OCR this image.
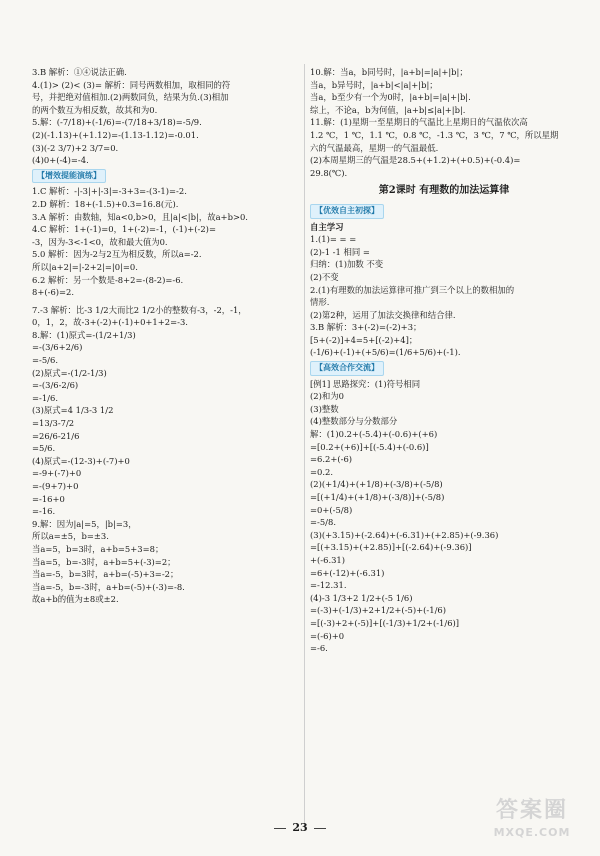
3.B 解析：①④说法正确.
4.(1)> (2)< (3)= 解析：同号两数相加，取相同的符
号，并把绝对值相加.(2)两数同负，结果为负.(3)相加
的两个数互为相反数，故其和为0.
5.解：(-7/18)+(-1/6)=-(7/18+3/18)=-5/9.
(2)(-1.13)+(+1.12)=-(1.13-1.12)=-0.01.
(3)(-2 3/7)+2 3/7=0.
(4)0+(-4)=-4.
【增效提能演练】
1.C 解析：-|-3|+|-3|=-3+3=-(3-1)=-2.
2.D 解析：18+(-1.5)+0.3=16.8(元).
3.A 解析：由数轴，知a<0,b>0，且|a|<|b|，故a+b>0.
4.C 解析：1+(-1)=0，1+(-2)=-1，(-1)+(-2)=
-3，因为-3<-1<0，故和最大值为0.
5.0 解析：因为-2与2互为相反数，所以a=-2.
所以|a+2|=|-2+2|=|0|=0.
6.2 解析：另一个数是-8+2=-(8-2)=-6.
8+(-6)=2.
7.-3 解析：比-3 1/2大而比2 1/2小的整数有-3，-2，-1，
0，1，2，故-3+(-2)+(-1)+0+1+2=-3.
8.解：(1)原式=-(1/2+1/3)
=-(3/6+2/6)
=-5/6.
(2)原式=-(1/2-1/3)
=-(3/6-2/6)
=-1/6.
(3)原式=4 1/3-3 1/2
=13/3-7/2
=26/6-21/6
=5/6.
(4)原式=-(12-3)+(-7)+0
=-9+(-7)+0
=-(9+7)+0
=-16+0
=-16.
9.解：因为|a|=5，|b|=3，
所以a=±5，b=±3.
当a=5，b=3时，a+b=5+3=8；
当a=5，b=-3时，a+b=5+(-3)=2；
当a=-5，b=3时，a+b=(-5)+3=-2；
当a=-5，b=-3时，a+b=(-5)+(-3)=-8.
故a+b的值为±8或±2.
10.解：当a，b同号时，|a+b|=|a|+|b|；
当a，b异号时，|a+b|<|a|+|b|；
当a，b至少有一个为0时，|a+b|=|a|+|b|.
综上，不论a，b为何值，|a+b|≤|a|+|b|.
11.解：(1)星期一至星期日的气温比上星期日的气温依次高
1.2 ℃，1 ℃，1.1 ℃，0.8 ℃，-1.3 ℃，3 ℃，7 ℃，所以星期
六的气温最高，星期一的气温最低.
(2)本周星期三的气温是28.5+(+1.2)+(+0.5)+(-0.4)=
29.8(℃).
第2课时 有理数的加法运算律
【优效自主初探】
自主学习
1.(1)= = =
(2)-1 -1 相同 =
归纳：(1)加数 不变
(2)不变
2.(1)有理数的加法运算律可推广到三个以上的数相加的
情形.
(2)第2种，运用了加法交换律和结合律.
3.B 解析：3+(-2)=(-2)+3；
[5+(-2)]+4=5+[(-2)+4]；
(-1/6)+(-1)+(+5/6)=(1/6+5/6)+(-1).
【高效合作交流】
[例1] 思路探究：(1)符号相同
(2)和为0
(3)整数
(4)整数部分与分数部分
解：(1)0.2+(-5.4)+(-0.6)+(+6)
=[0.2+(+6)]+[(-5.4)+(-0.6)]
=6.2+(-6)
=0.2.
(2)(+1/4)+(+1/8)+(-3/8)+(-5/8)
=[(+1/4)+(+1/8)+(-3/8)]+(-5/8)
=0+(-5/8)
=-5/8.
(3)(+3.15)+(-2.64)+(-6.31)+(+2.85)+(-9.36)
=[(+3.15)+(+2.85)]+[(-2.64)+(-9.36)]
+(-6.31)
=6+(-12)+(-6.31)
=-12.31.
(4)-3 1/3+2 1/2+(-5 1/6)
=(-3)+(-1/3)+2+1/2+(-5)+(-1/6)
=[(-3)+2+(-5)]+[(-1/3)+1/2+(-1/6)]
=(-6)+0
=-6.
23
答案圈
MXQE.COM
